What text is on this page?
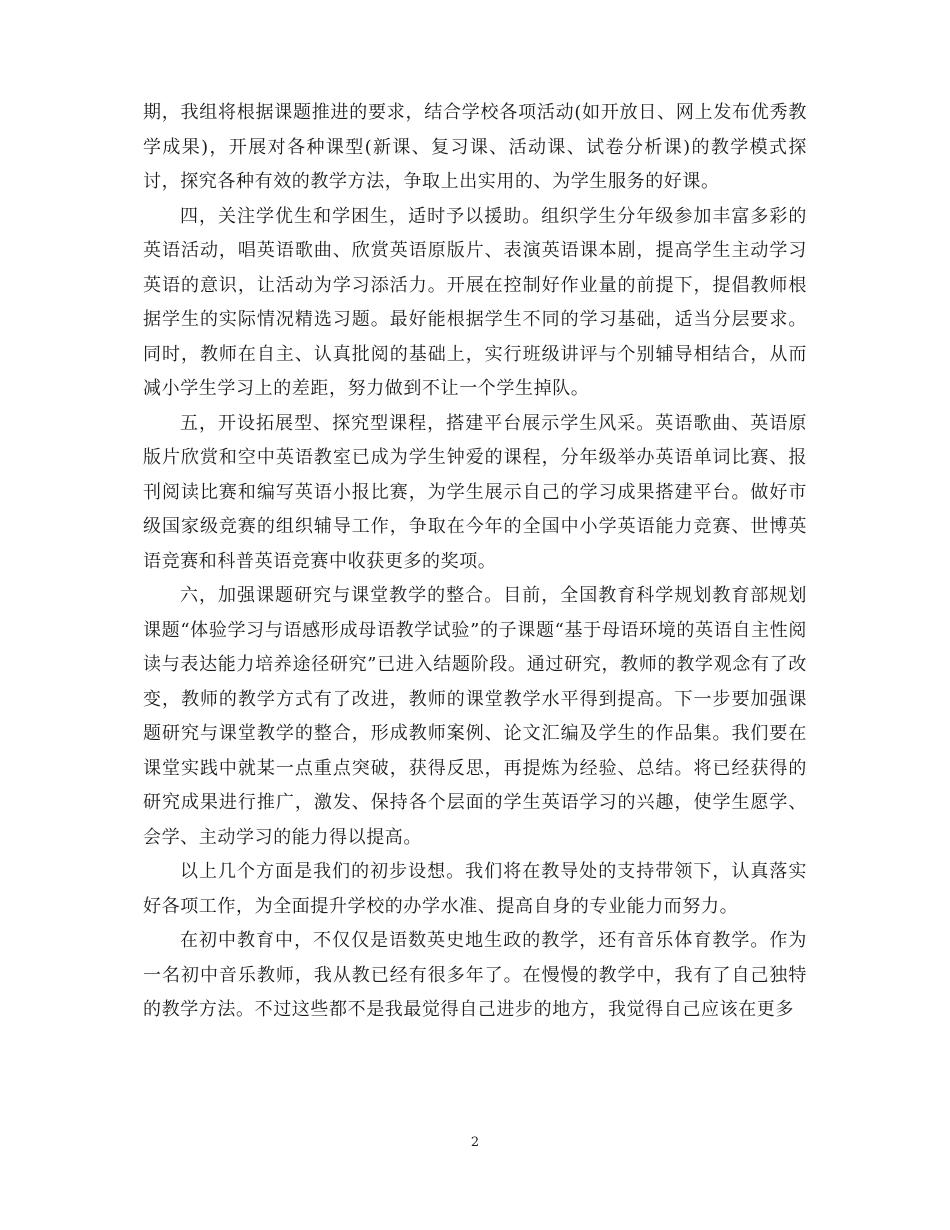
期，我组将根据课题推进的要求，结合学校各项活动(如开放日、网上发布优秀教学成果)，开展对各种课型(新课、复习课、活动课、试卷分析课)的教学模式探讨，探究各种有效的教学方法，争取上出实用的、为学生服务的好课。

四，关注学优生和学困生，适时予以援助。组织学生分年级参加丰富多彩的英语活动，唱英语歌曲、欣赏英语原版片、表演英语课本剧，提高学生主动学习英语的意识，让活动为学习添活力。开展在控制好作业量的前提下，提倡教师根据学生的实际情况精选习题。最好能根据学生不同的学习基础，适当分层要求。同时，教师在自主、认真批阅的基础上，实行班级讲评与个别辅导相结合，从而减小学生学习上的差距，努力做到不让一个学生掉队。

五，开设拓展型、探究型课程，搭建平台展示学生风采。英语歌曲、英语原版片欣赏和空中英语教室已成为学生钟爱的课程，分年级举办英语单词比赛、报刊阅读比赛和编写英语小报比赛，为学生展示自己的学习成果搭建平台。做好市级国家级竞赛的组织辅导工作，争取在今年的全国中小学英语能力竞赛、世博英语竞赛和科普英语竞赛中收获更多的奖项。

六，加强课题研究与课堂教学的整合。目前，全国教育科学规划教育部规划课题“体验学习与语感形成母语教学试验”的子课题“基于母语环境的英语自主性阅读与表达能力培养途径研究”已进入结题阶段。通过研究，教师的教学观念有了改变，教师的教学方式有了改进，教师的课堂教学水平得到提高。下一步要加强课题研究与课堂教学的整合，形成教师案例、论文汇编及学生的作品集。我们要在课堂实践中就某一点重点突破，获得反思，再提炼为经验、总结。将已经获得的研究成果进行推广，激发、保持各个层面的学生英语学习的兴趣，使学生愿学、会学、主动学习的能力得以提高。

以上几个方面是我们的初步设想。我们将在教导处的支持带领下，认真落实好各项工作，为全面提升学校的办学水准、提高自身的专业能力而努力。

在初中教育中，不仅仅是语数英史地生政的教学，还有音乐体育教学。作为一名初中音乐教师，我从教已经有很多年了。在慢慢的教学中，我有了自己独特的教学方法。不过这些都不是我最觉得自己进步的地方，我觉得自己应该在更多

2
